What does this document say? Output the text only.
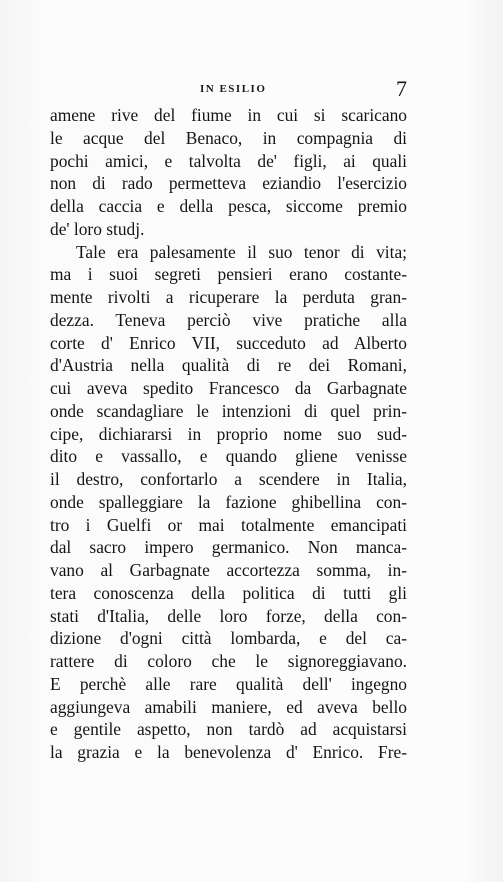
IN ESILIO	7
amene rive del fiume in cui si scaricano
le acque del Benaco, in compagnia di
pochi amici, e talvolta de' figli, ai quali
non di rado permetteva eziandio l'esercizio
della caccia e della pesca, siccome premio
de' loro studj.
Tale era palesamente il suo tenor di vita;
ma i suoi segreti pensieri erano costante-
mente rivolti a ricuperare la perduta gran-
dezza. Teneva perciò vive pratiche alla
corte d' Enrico VII, succeduto ad Alberto
d'Austria nella qualità di re dei Romani,
cui aveva spedito Francesco da Garbagnate
onde scandagliare le intenzioni di quel prin-
cipe, dichiararsi in proprio nome suo sud-
dito e vassallo, e quando gliene venisse
il destro, confortarlo a scendere in Italia,
onde spalleggiare la fazione ghibellina con-
tro i Guelfi or mai totalmente emancipati
dal sacro impero germanico. Non manca-
vano al Garbagnate accortezza somma, in-
tera conoscenza della politica di tutti gli
stati d'Italia, delle loro forze, della con-
dizione d'ogni città lombarda, e del ca-
rattere di coloro che le signoreggiavano.
E perchè alle rare qualità dell' ingegno
aggiungeva amabili maniere, ed aveva bello
e gentile aspetto, non tardò ad acquistarsi
la grazia e la benevolenza d' Enrico. Fre-
